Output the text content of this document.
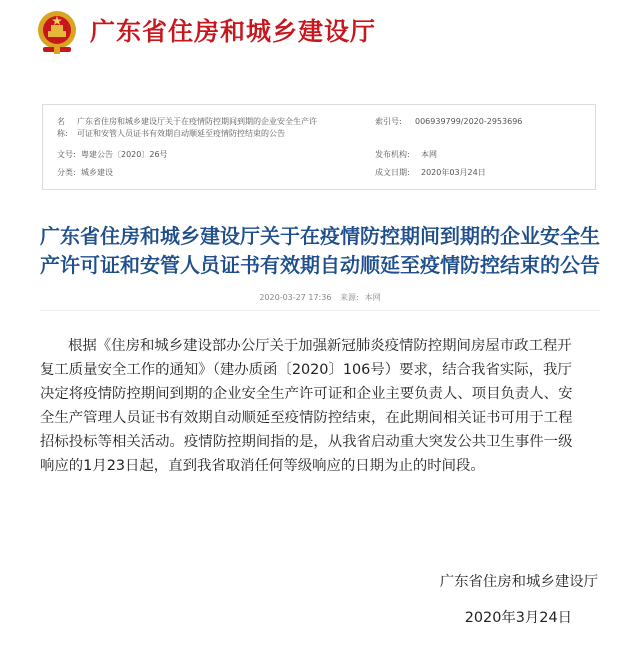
广东省住房和城乡建设厅
名称:
广东省住房和城乡建设厅关于在疫情防控期间到期的企业安全生产许
可证和安管人员证书有效期自动顺延至疫情防控结束的公告
文号: 粤建公告〔2020〕26号
分类: 城乡建设
索引号: 006939799/2020-2953696
发布机构: 本网
成文日期: 2020年03月24日
广东省住房和城乡建设厅关于在疫情防控期间到期的企业安全生
产许可证和安管人员证书有效期自动顺延至疫情防控结束的公告
2020-03-27 17:36 来源: 本网
根据《住房和城乡建设部办公厅关于加强新冠肺炎疫情防控期间房屋市政工程开
复工质量安全工作的通知》（建办质函〔2020〕106号）要求，结合我省实际，我厅
决定将疫情防控期间到期的企业安全生产许可证和企业主要负责人、项目负责人、安
全生产管理人员证书有效期自动顺延至疫情防控结束，在此期间相关证书可用于工程
招标投标等相关活动。疫情防控期间指的是，从我省启动重大突发公共卫生事件一级
响应的1月23日起，直到我省取消任何等级响应的日期为止的时间段。
广东省住房和城乡建设厅
2020年3月24日
